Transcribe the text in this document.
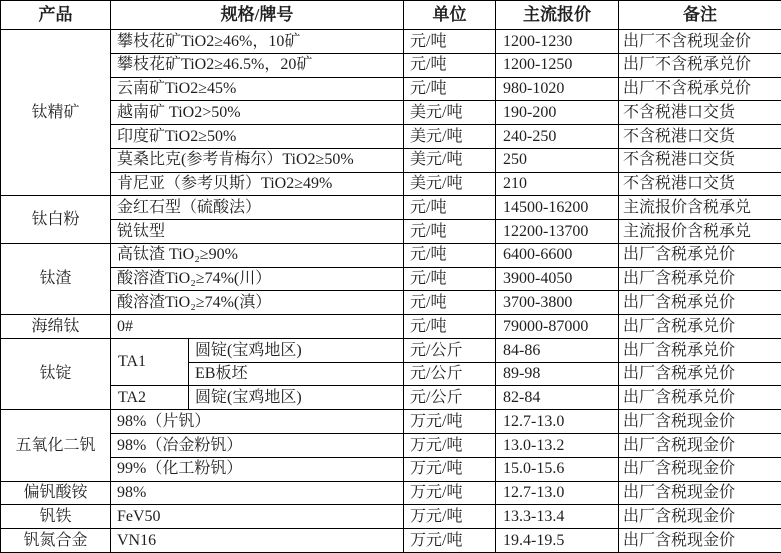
产品	规格/牌号		单位	主流报价	备注
钛精矿	攀枝花矿TiO2≥46%，10矿		元/吨	1200-1230	出厂不含税现金价
	攀枝花矿TiO2≥46.5%，20矿		元/吨	1200-1250	出厂不含税承兑价
	云南矿TiO2≥45%		元/吨	980-1020	出厂不含税承兑价
	越南矿 TiO2>50%		美元/吨	190-200	不含税港口交货
	印度矿TiO2≥50%		美元/吨	240-250	不含税港口交货
	莫桑比克(参考肯梅尔）TiO2≥50%		美元/吨	250	不含税港口交货
	肯尼亚（参考贝斯）TiO2≥49%		美元/吨	210	不含税港口交货
钛白粉	金红石型（硫酸法）		元/吨	14500-16200	主流报价含税承兑
	锐钛型		元/吨	12200-13700	主流报价含税承兑
钛渣	高钛渣 TiO₂≥90%		元/吨	6400-6600	出厂含税承兑价
	酸溶渣TiO₂≥74%(川）		元/吨	3900-4050	出厂含税承兑价
	酸溶渣TiO₂≥74%(滇）		元/吨	3700-3800	出厂含税承兑价
海绵钛	0#		元/吨	79000-87000	出厂含税承兑价
钛锭	TA1	圆锭(宝鸡地区)	元/公斤	84-86	出厂含税承兑价
		EB板坯	元/公斤	89-98	出厂含税承兑价
	TA2	圆锭(宝鸡地区)	元/公斤	82-84	出厂含税承兑价
五氧化二钒	98%（片钒）		万元/吨	12.7-13.0	出厂含税现金价
	98%（冶金粉钒）		万元/吨	13.0-13.2	出厂含税现金价
	99%（化工粉钒）		万元/吨	15.0-15.6	出厂含税现金价
偏钒酸铵	98%		万元/吨	12.7-13.0	出厂含税现金价
钒铁	FeV50		万元/吨	13.3-13.4	出厂含税现金价
钒氮合金	VN16		万元/吨	19.4-19.5	出厂含税现金价
